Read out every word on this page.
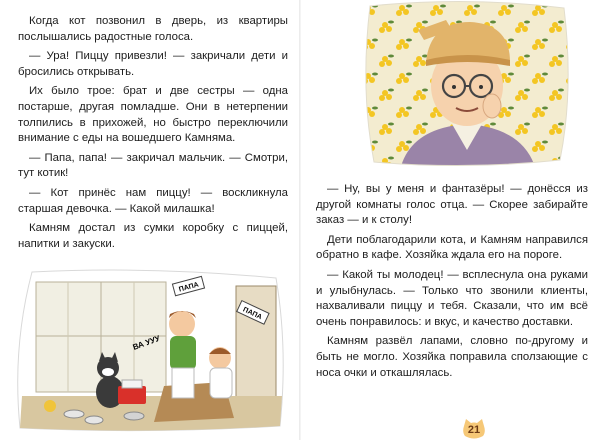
Когда кот позвонил в дверь, из квартиры послышались радостные голоса.

— Ура! Пиццу привезли! — закричали дети и бросились открывать.

Их было трое: брат и две сестры — одна постарше, другая помладше. Они в нетерпении толпились в прихожей, но быстро переключили внимание с еды на вошедшего Камняма.

— Папа, папа! — закричал мальчик. — Смотри, тут котик!

— Кот принёс нам пиццу! — воскликнула старшая девочка. — Какой милашка!

Камням достал из сумки коробку с пиццей, напитки и закуски.

ПАПА
ПАПА
ВА УУУ

— Ну, вы у меня и фантазёры! — донёсся из другой комнаты голос отца. — Скорее забирайте заказ — и к столу!

Дети поблагодарили кота, и Камням направился обратно в кафе. Хозяйка ждала его на пороге.

— Какой ты молодец! — всплеснула она руками и улыбнулась. — Только что звонили клиенты, нахваливали пиццу и тебя. Сказали, что им всё очень понравилось: и вкус, и качество доставки.

Камням развёл лапами, словно по-другому и быть не могло. Хозяйка поправила сползающие с носа очки и откашлялась.

21
